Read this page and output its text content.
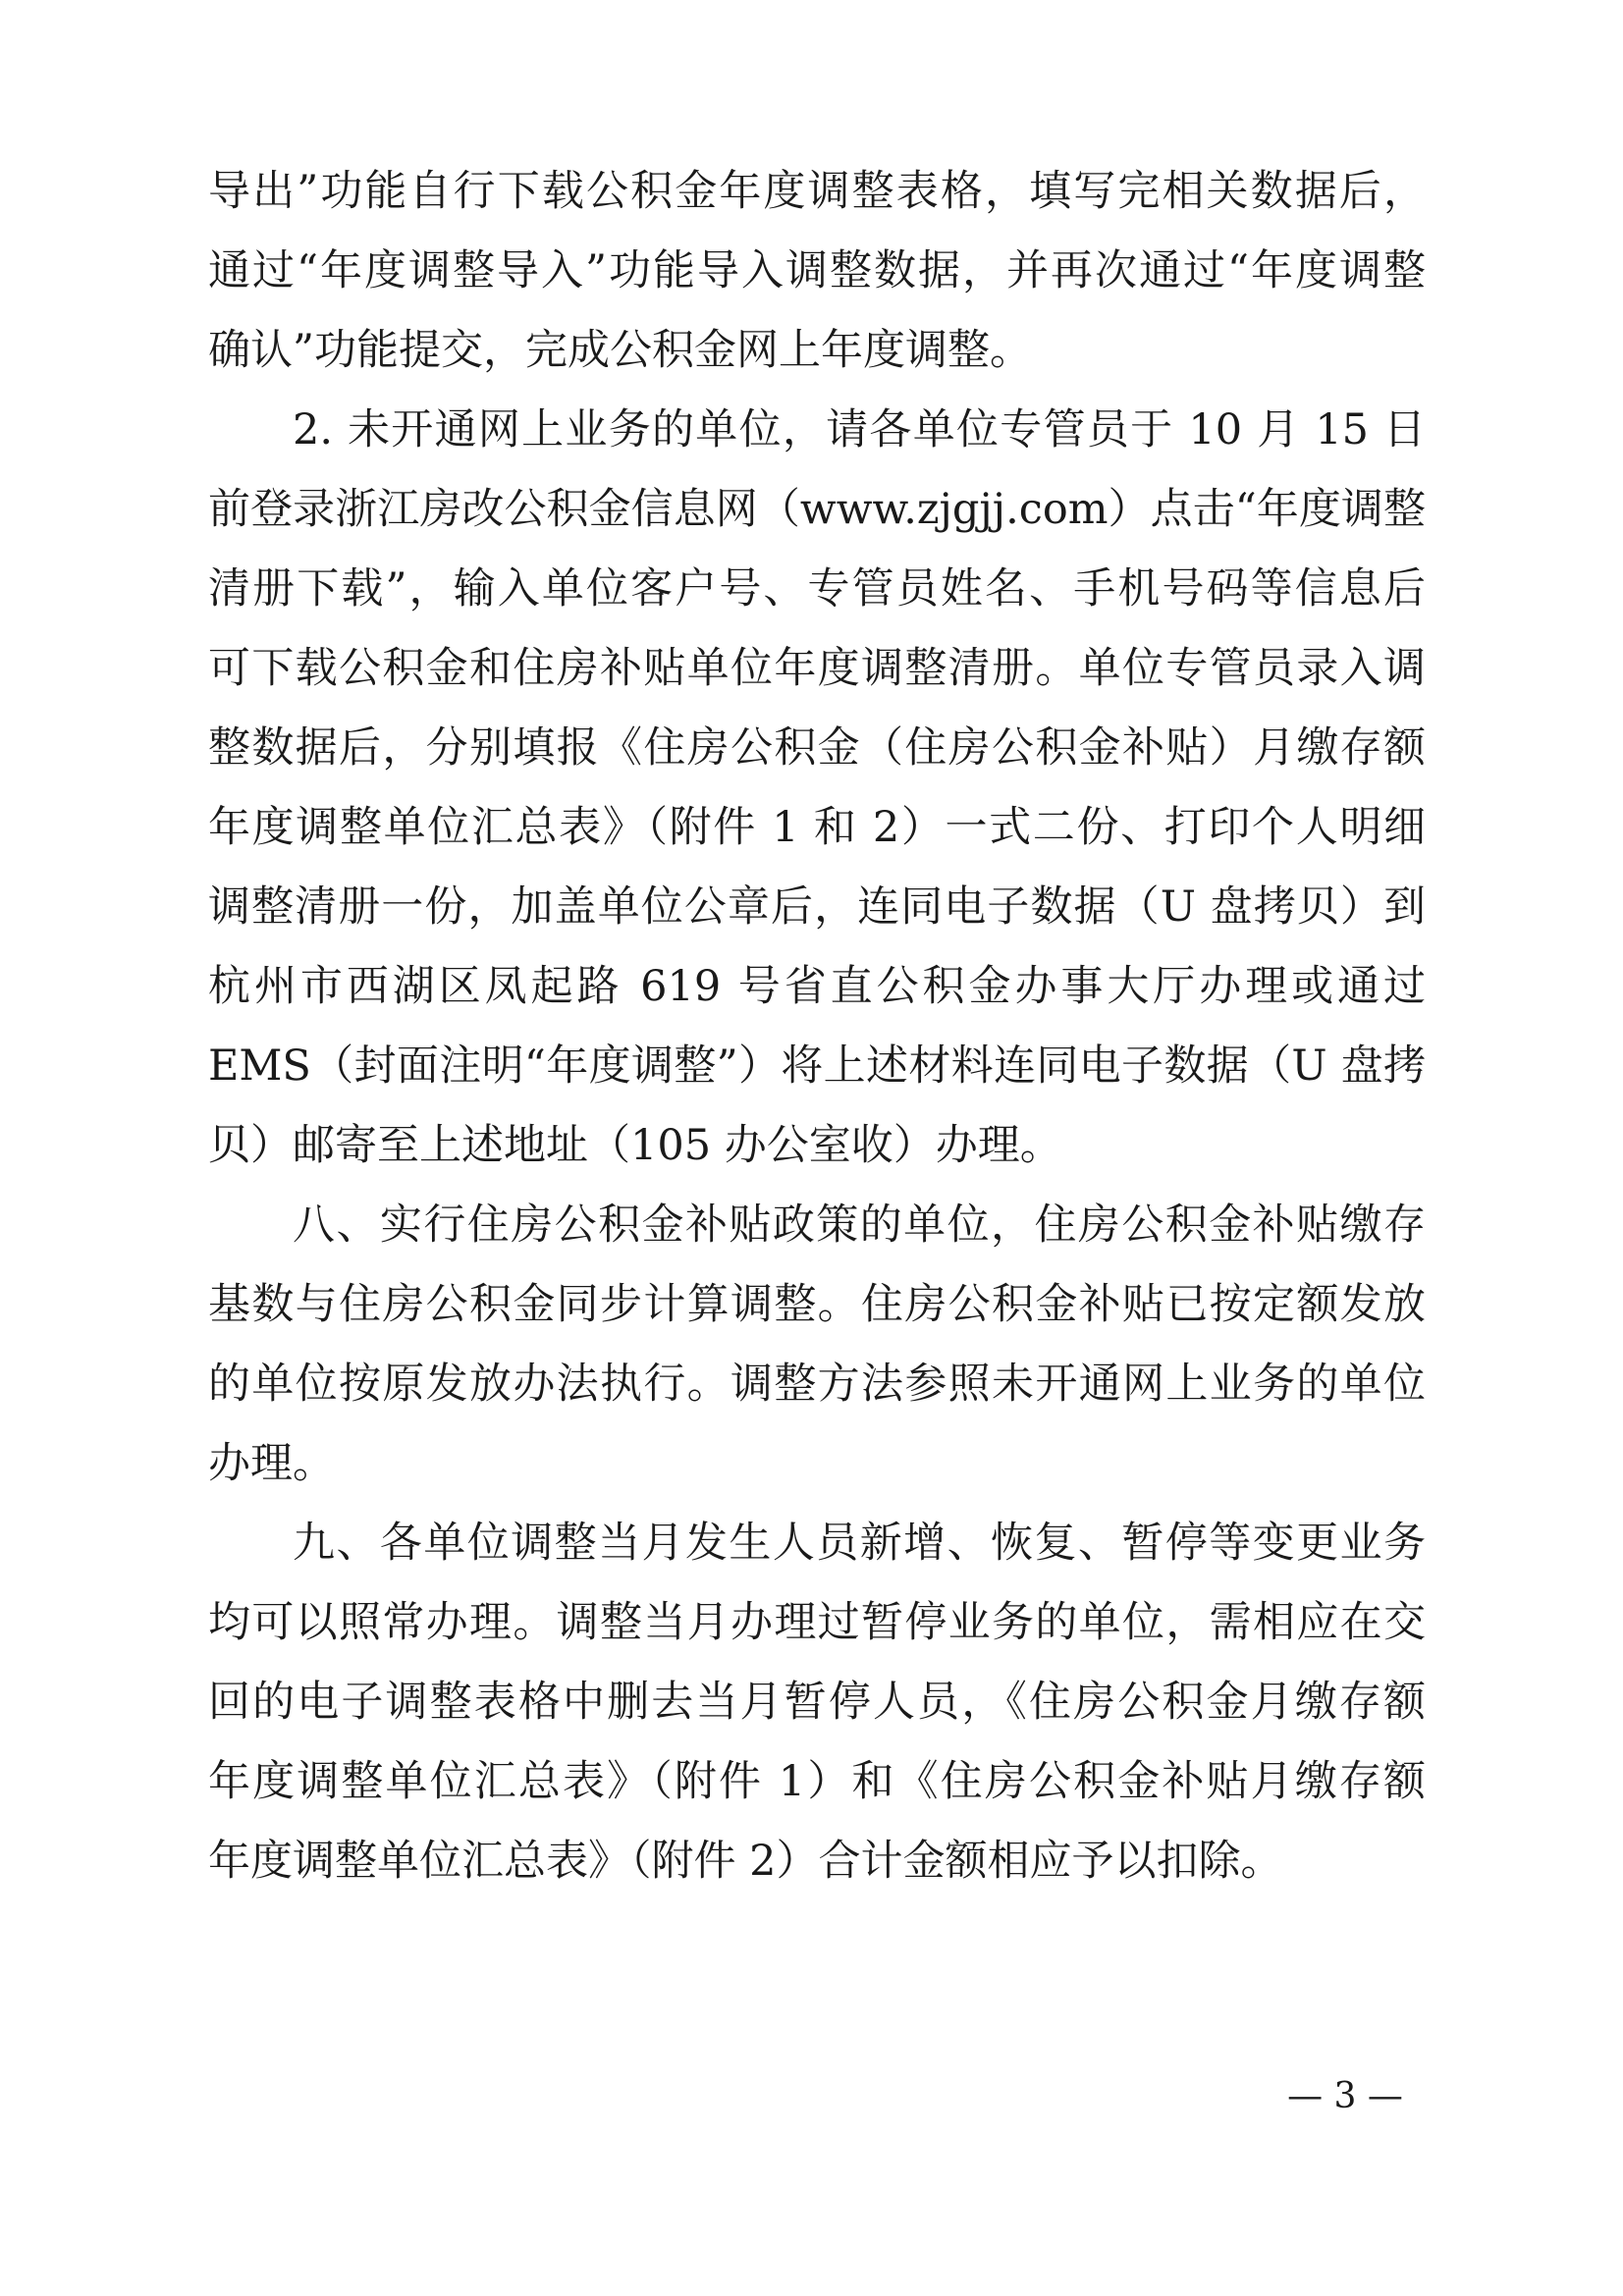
导出”功能自行下载公积金年度调整表格，填写完相关数据后，
通过“年度调整导入”功能导入调整数据，并再次通过“年度调整
确认”功能提交，完成公积金网上年度调整。
2. 未开通网上业务的单位，请各单位专管员于 10 月 15 日
前登录浙江房改公积金信息网（www.zjgjj.com）点击“年度调整
清册下载”，输入单位客户号、专管员姓名、手机号码等信息后
可下载公积金和住房补贴单位年度调整清册。单位专管员录入调
整数据后，分别填报《住房公积金（住房公积金补贴）月缴存额
年度调整单位汇总表》（附件 1 和 2）一式二份、打印个人明细
调整清册一份，加盖单位公章后，连同电子数据（U 盘拷贝）到
杭州市西湖区凤起路 619 号省直公积金办事大厅办理或通过
EMS（封面注明“年度调整”）将上述材料连同电子数据（U 盘拷
贝）邮寄至上述地址（105 办公室收）办理。
八、实行住房公积金补贴政策的单位，住房公积金补贴缴存
基数与住房公积金同步计算调整。住房公积金补贴已按定额发放
的单位按原发放办法执行。调整方法参照未开通网上业务的单位
办理。
九、各单位调整当月发生人员新增、恢复、暂停等变更业务
均可以照常办理。调整当月办理过暂停业务的单位，需相应在交
回的电子调整表格中删去当月暂停人员，《住房公积金月缴存额
年度调整单位汇总表》（附件 1）和《住房公积金补贴月缴存额
年度调整单位汇总表》（附件 2）合计金额相应予以扣除。
— 3 —
